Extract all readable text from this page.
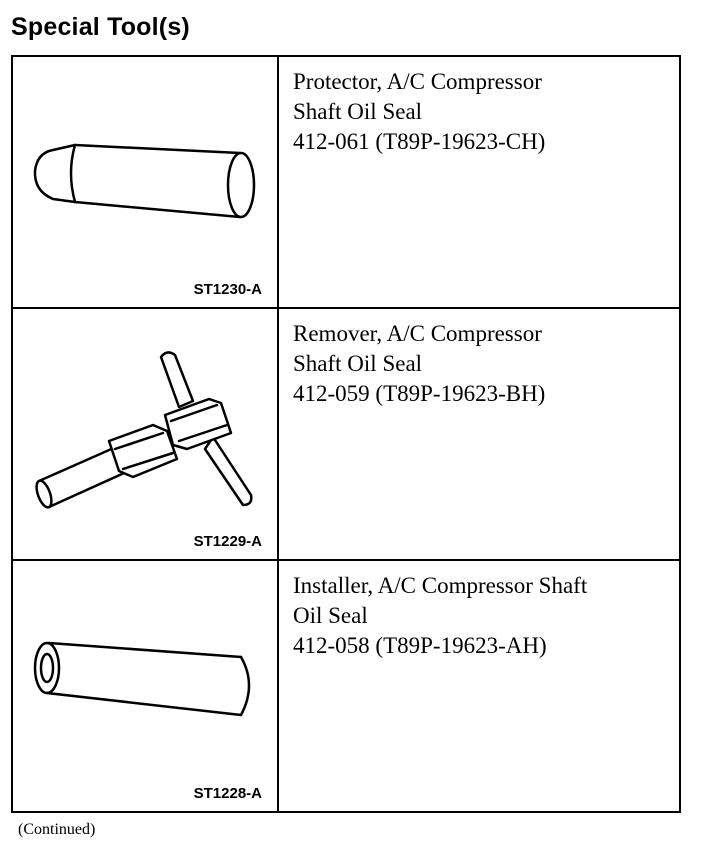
Special Tool(s)
ST1230-A	Protector, A/C Compressor
Shaft Oil Seal
412-061 (T89P-19623-CH)

ST1229-A	Remover, A/C Compressor
Shaft Oil Seal
412-059 (T89P-19623-BH)

ST1228-A	Installer, A/C Compressor Shaft
Oil Seal
412-058 (T89P-19623-AH)
(Continued)
